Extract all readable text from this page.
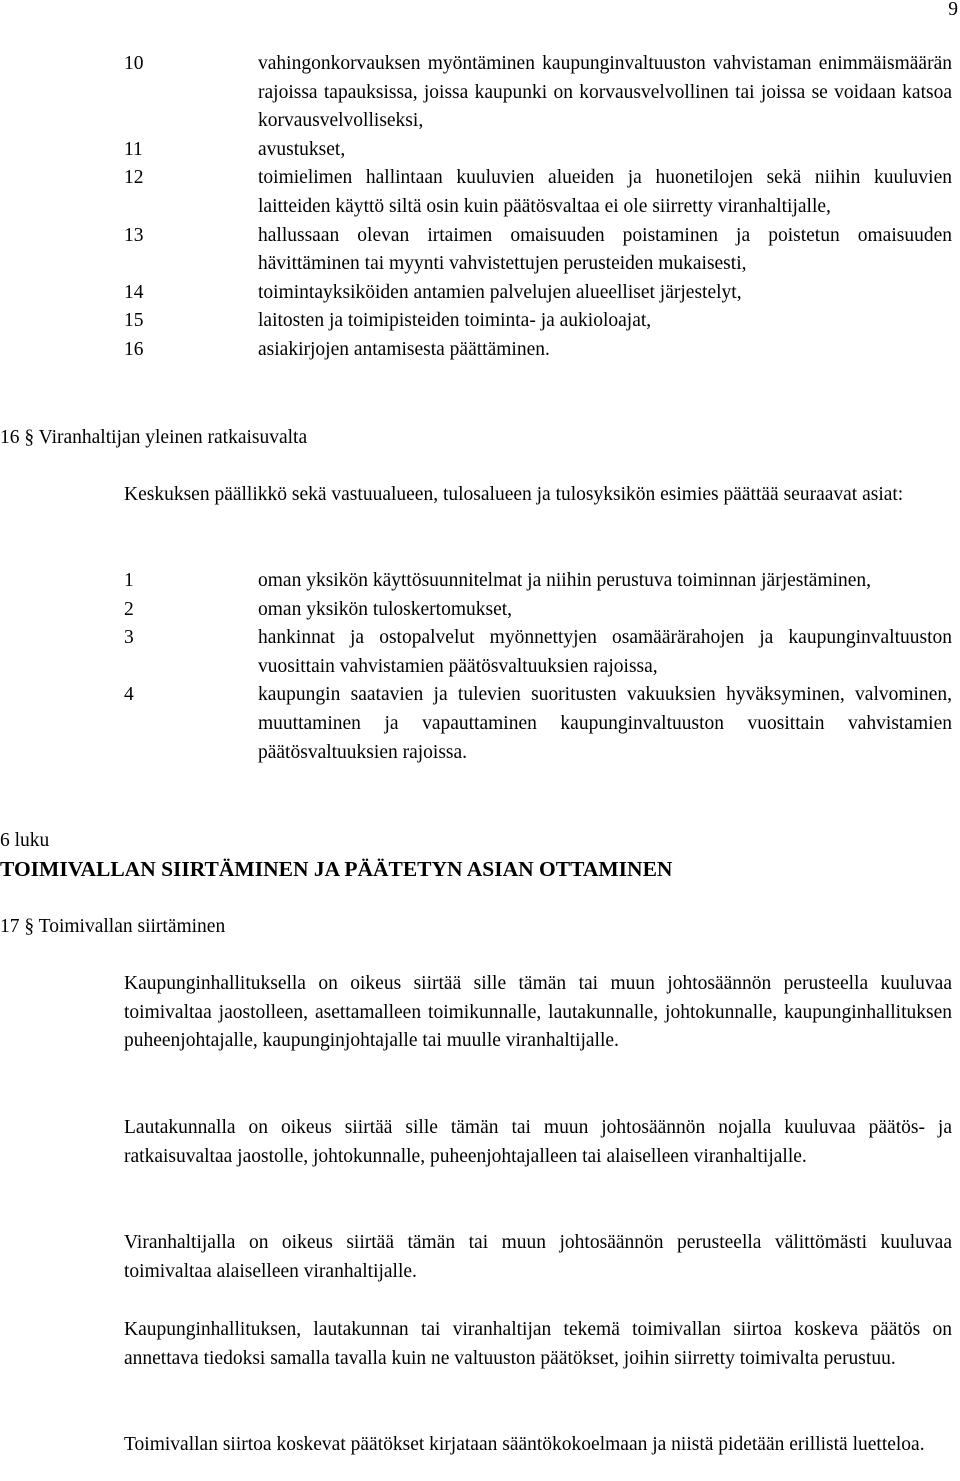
9
10	vahingonkorvauksen myöntäminen kaupunginvaltuuston vahvistaman enimmäismäärän rajoissa tapauksissa, joissa kaupunki on korvausvelvollinen tai joissa se voidaan katsoa korvausvelvolliseksi,
11	avustukset,
12	toimielimen hallintaan kuuluvien alueiden ja huonetilojen sekä niihin kuuluvien laitteiden käyttö siltä osin kuin päätösvaltaa ei ole siirretty viranhaltijalle,
13	hallussaan olevan irtaimen omaisuuden poistaminen ja poistetun omaisuuden hävittäminen tai myynti vahvistettujen perusteiden mukaisesti,
14	toimintayksiköiden antamien palvelujen alueelliset järjestelyt,
15	laitosten ja toimipisteiden toiminta- ja aukioloajat,
16	asiakirjojen antamisesta päättäminen.
16 § Viranhaltijan yleinen ratkaisuvalta
Keskuksen päällikkö sekä vastuualueen, tulosalueen ja tulosyksikön esimies päättää seuraavat asiat:
1	oman yksikön käyttösuunnitelmat ja niihin perustuva toiminnan järjestäminen,
2	oman yksikön tuloskertomukset,
3	hankinnat ja ostopalvelut myönnettyjen osamäärärahojen ja kaupunginvaltuuston vuosittain vahvistamien päätösvaltuuksien rajoissa,
4	kaupungin saatavien ja tulevien suoritusten vakuuksien hyväksyminen, valvominen, muuttaminen ja vapauttaminen kaupunginvaltuuston vuosittain vahvistamien päätösvaltuuksien rajoissa.
6 luku
TOIMIVALLAN SIIRTÄMINEN JA PÄÄTETYN ASIAN OTTAMINEN
17 § Toimivallan siirtäminen
Kaupunginhallituksella on oikeus siirtää sille tämän tai muun johtosäännön perusteella kuuluvaa toimivaltaa jaostolleen, asettamalleen toimikunnalle, lautakunnalle, johtokunnalle, kaupunginhallituksen puheenjohtajalle, kaupunginjohtajalle tai muulle viranhaltijalle.
Lautakunnalla on oikeus siirtää sille tämän tai muun johtosäännön nojalla kuuluvaa päätös- ja ratkaisuvaltaa jaostolle, johtokunnalle, puheenjohtajalleen tai alaiselleen viranhaltijalle.
Viranhaltijalla on oikeus siirtää tämän tai muun johtosäännön perusteella välittömästi kuuluvaa toimivaltaa alaiselleen viranhaltijalle.
Kaupunginhallituksen, lautakunnan tai viranhaltijan tekemä toimivallan siirtoa koskeva päätös on annettava tiedoksi samalla tavalla kuin ne valtuuston päätökset, joihin siirretty toimivalta perustuu.
Toimivallan siirtoa koskevat päätökset kirjataan sääntökokoelmaan ja niistä pidetään erillistä luetteloa.
